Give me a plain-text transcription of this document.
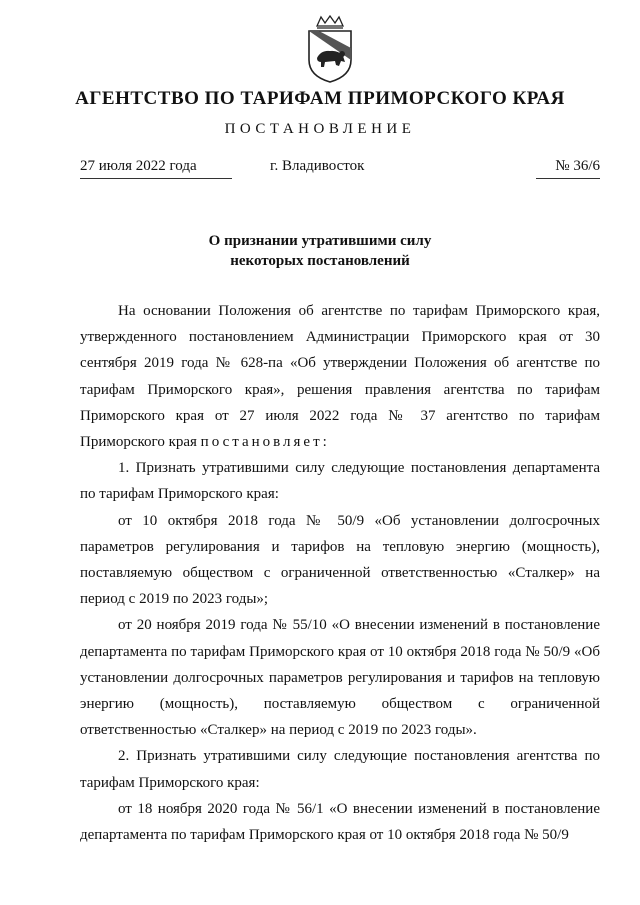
АГЕНТСТВО ПО ТАРИФАМ ПРИМОРСКОГО КРАЯ
ПОСТАНОВЛЕНИЕ
27 июля 2022 года	г. Владивосток	№ 36/6
О признании утратившими силу
некоторых постановлений

На основании Положения об агентстве по тарифам Приморского края, утвержденного постановлением Администрации Приморского края от 30 сентября 2019 года № 628-па «Об утверждении Положения об агентстве по тарифам Приморского края», решения правления агентства по тарифам Приморского края от 27 июля 2022 года № 37 агентство по тарифам Приморского края постановляет:

1. Признать утратившими силу следующие постановления департамента по тарифам Приморского края:

от 10 октября 2018 года № 50/9 «Об установлении долгосрочных параметров регулирования и тарифов на тепловую энергию (мощность), поставляемую обществом с ограниченной ответственностью «Сталкер» на период с 2019 по 2023 годы»;

от 20 ноября 2019 года № 55/10 «О внесении изменений в постановление департамента по тарифам Приморского края от 10 октября 2018 года № 50/9 «Об установлении долгосрочных параметров регулирования и тарифов на тепловую энергию (мощность), поставляемую обществом с ограниченной ответственностью «Сталкер» на период с 2019 по 2023 годы».

2. Признать утратившими силу следующие постановления агентства по тарифам Приморского края:

от 18 ноября 2020 года № 56/1 «О внесении изменений в постановление департамента по тарифам Приморского края от 10 октября 2018 года № 50/9
